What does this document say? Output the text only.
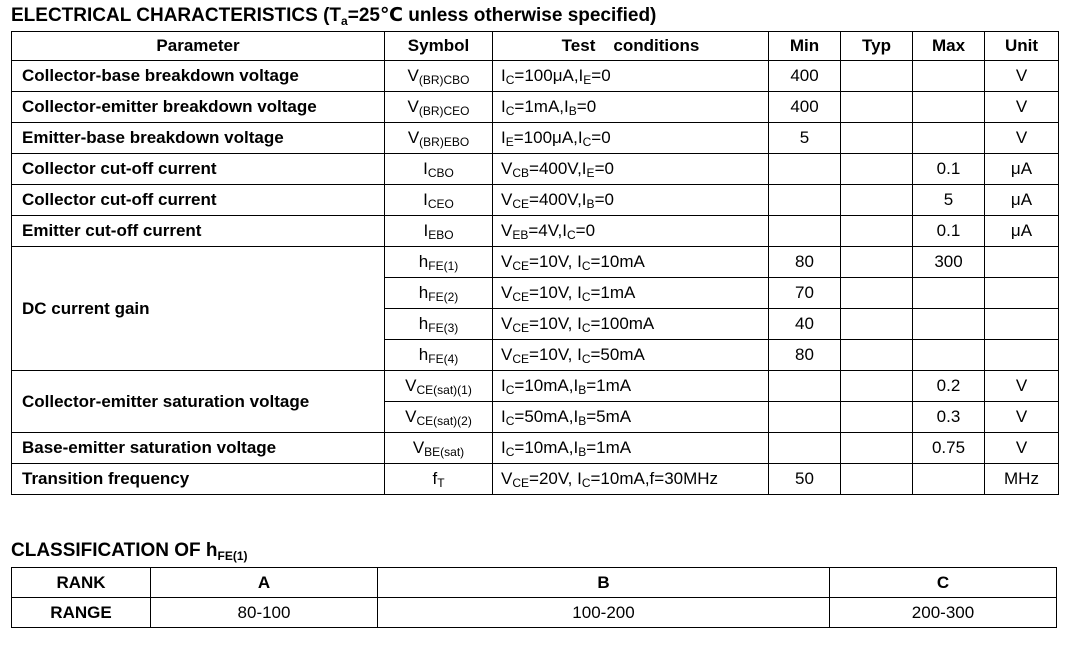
ELECTRICAL CHARACTERISTICS ($T_a=25℃$ unless otherwise specified)
Parameter	Symbol	Test conditions	Min	Typ	Max	Unit
Collector-base breakdown voltage	$V_{(BR)CBO}$	$I_C=100\mu A,I_E=0$	400			V
Collector-emitter breakdown voltage	$V_{(BR)CEO}$	$I_C=1mA,I_B=0$	400			V
Emitter-base breakdown voltage	$V_{(BR)EBO}$	$I_E=100\mu A,I_C=0$	5			V
Collector cut-off current	$I_{CBO}$	$V_{CB}=400V,I_E=0$			0.1	μA
Collector cut-off current	$I_{CEO}$	$V_{CE}=400V,I_B=0$			5	μA
Emitter cut-off current	$I_{EBO}$	$V_{EB}=4V,I_C=0$			0.1	μA
DC current gain	$h_{FE(1)}$	$V_{CE}=10V$, $I_C=10mA$	80		300	
	$h_{FE(2)}$	$V_{CE}=10V$, $I_C=1mA$	70			
	$h_{FE(3)}$	$V_{CE}=10V$, $I_C=100mA$	40			
	$h_{FE(4)}$	$V_{CE}=10V$, $I_C=50mA$	80			
Collector-emitter saturation voltage	$V_{CE(sat)(1)}$	$I_C=10mA,I_B=1mA$			0.2	V
	$V_{CE(sat)(2)}$	$I_C=50mA,I_B=5mA$			0.3	V
Base-emitter saturation voltage	$V_{BE(sat)}$	$I_C=10mA,I_B=1mA$			0.75	V
Transition frequency	$f_T$	$V_{CE}=20V$, $I_C=10mA,f=30MHz$	50			MHz
CLASSIFICATION OF $h_{FE(1)}$
RANK	A	B	C
RANGE	80-100	100-200	200-300
